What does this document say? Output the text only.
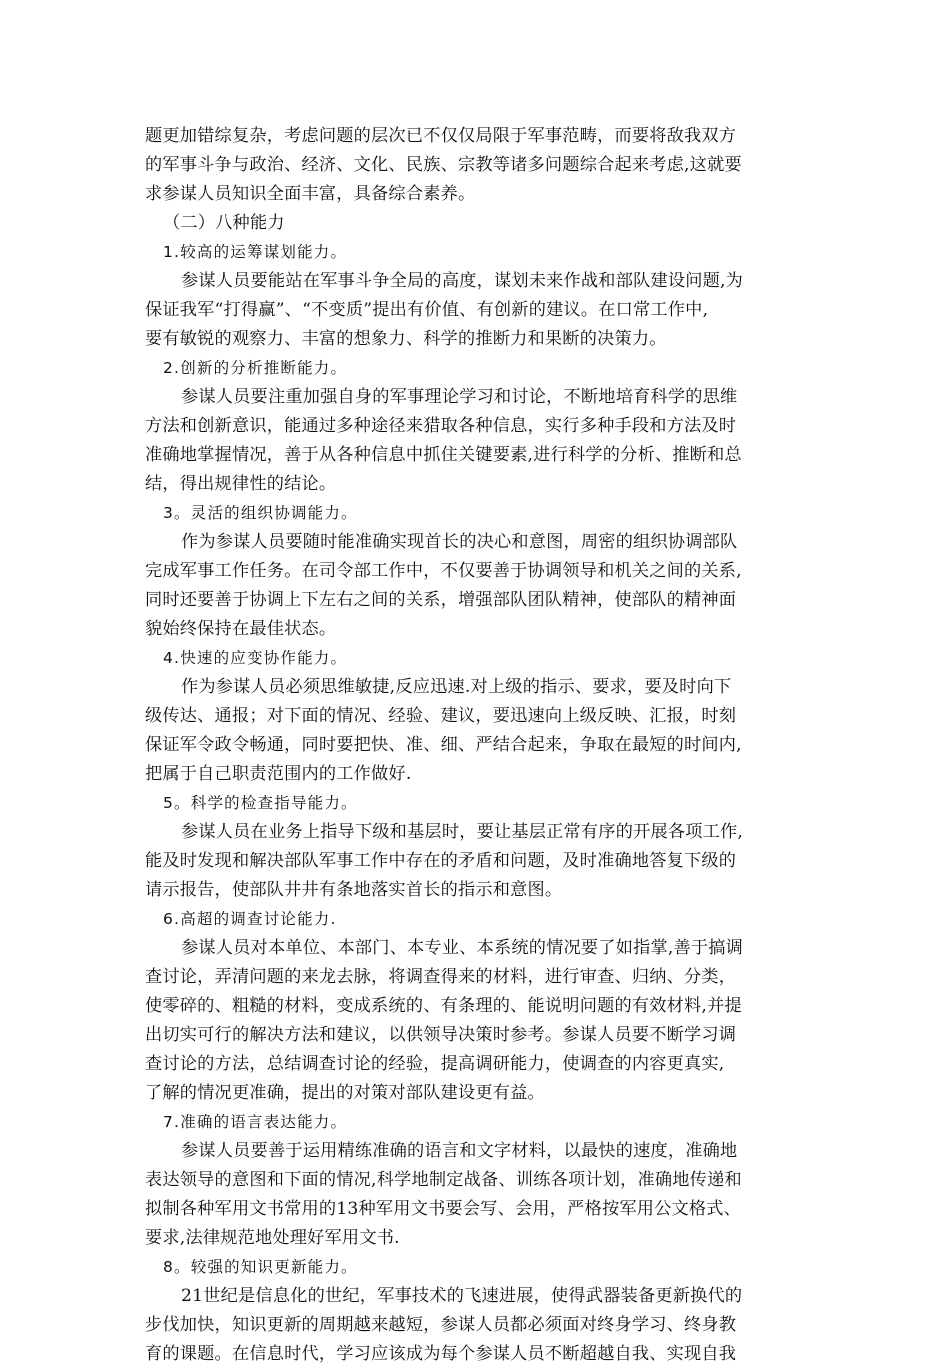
题更加错综复杂，考虑问题的层次已不仅仅局限于军事范畴，而要将敌我双方
的军事斗争与政治、经济、文化、民族、宗教等诸多问题综合起来考虑,这就要
求参谋人员知识全面丰富，具备综合素养。
（二）八种能力
1.较高的运筹谋划能力。
参谋人员要能站在军事斗争全局的高度，谋划未来作战和部队建设问题,为
保证我军“打得赢”、“不变质”提出有价值、有创新的建议。在口常工作中,
要有敏锐的观察力、丰富的想象力、科学的推断力和果断的决策力。
2.创新的分析推断能力。
参谋人员要注重加强自身的军事理论学习和讨论，不断地培育科学的思维
方法和创新意识，能通过多种途径来猎取各种信息，实行多种手段和方法及时
准确地掌握情况，善于从各种信息中抓住关键要素,进行科学的分析、推断和总
结，得出规律性的结论。
3。灵活的组织协调能力。
作为参谋人员要随时能准确实现首长的决心和意图，周密的组织协调部队
完成军事工作任务。在司令部工作中，不仅要善于协调领导和机关之间的关系,
同时还要善于协调上下左右之间的关系，增强部队团队精神，使部队的精神面
貌始终保持在最佳状态。
4.快速的应变协作能力。
作为参谋人员必须思维敏捷,反应迅速.对上级的指示、要求，要及时向下
级传达、通报；对下面的情况、经验、建议，要迅速向上级反映、汇报，时刻
保证军令政令畅通，同时要把快、准、细、严结合起来，争取在最短的时间内,
把属于自己职责范围内的工作做好.
5。科学的检查指导能力。
参谋人员在业务上指导下级和基层时，要让基层正常有序的开展各项工作,
能及时发现和解决部队军事工作中存在的矛盾和问题，及时准确地答复下级的
请示报告，使部队井井有条地落实首长的指示和意图。
6.高超的调查讨论能力.
参谋人员对本单位、本部门、本专业、本系统的情况要了如指掌,善于搞调
查讨论，弄清问题的来龙去脉，将调查得来的材料，进行审查、归纳、分类，
使零碎的、粗糙的材料，变成系统的、有条理的、能说明问题的有效材料,并提
出切实可行的解决方法和建议，以供领导决策时参考。参谋人员要不断学习调
查讨论的方法，总结调查讨论的经验，提高调研能力，使调查的内容更真实,
了解的情况更准确，提出的对策对部队建设更有益。
7.准确的语言表达能力。
参谋人员要善于运用精练准确的语言和文字材料，以最快的速度，准确地
表达领导的意图和下面的情况,科学地制定战备、训练各项计划，准确地传递和
拟制各种军用文书常用的13种军用文书要会写、会用，严格按军用公文格式、
要求,法律规范地处理好军用文书.
8。较强的知识更新能力。
21世纪是信息化的世纪，军事技术的飞速进展，使得武器装备更新换代的
步伐加快，知识更新的周期越来越短，参谋人员都必须面对终身学习、终身教
育的课题。在信息时代，学习应该成为每个参谋人员不断超越自我、实现自我
